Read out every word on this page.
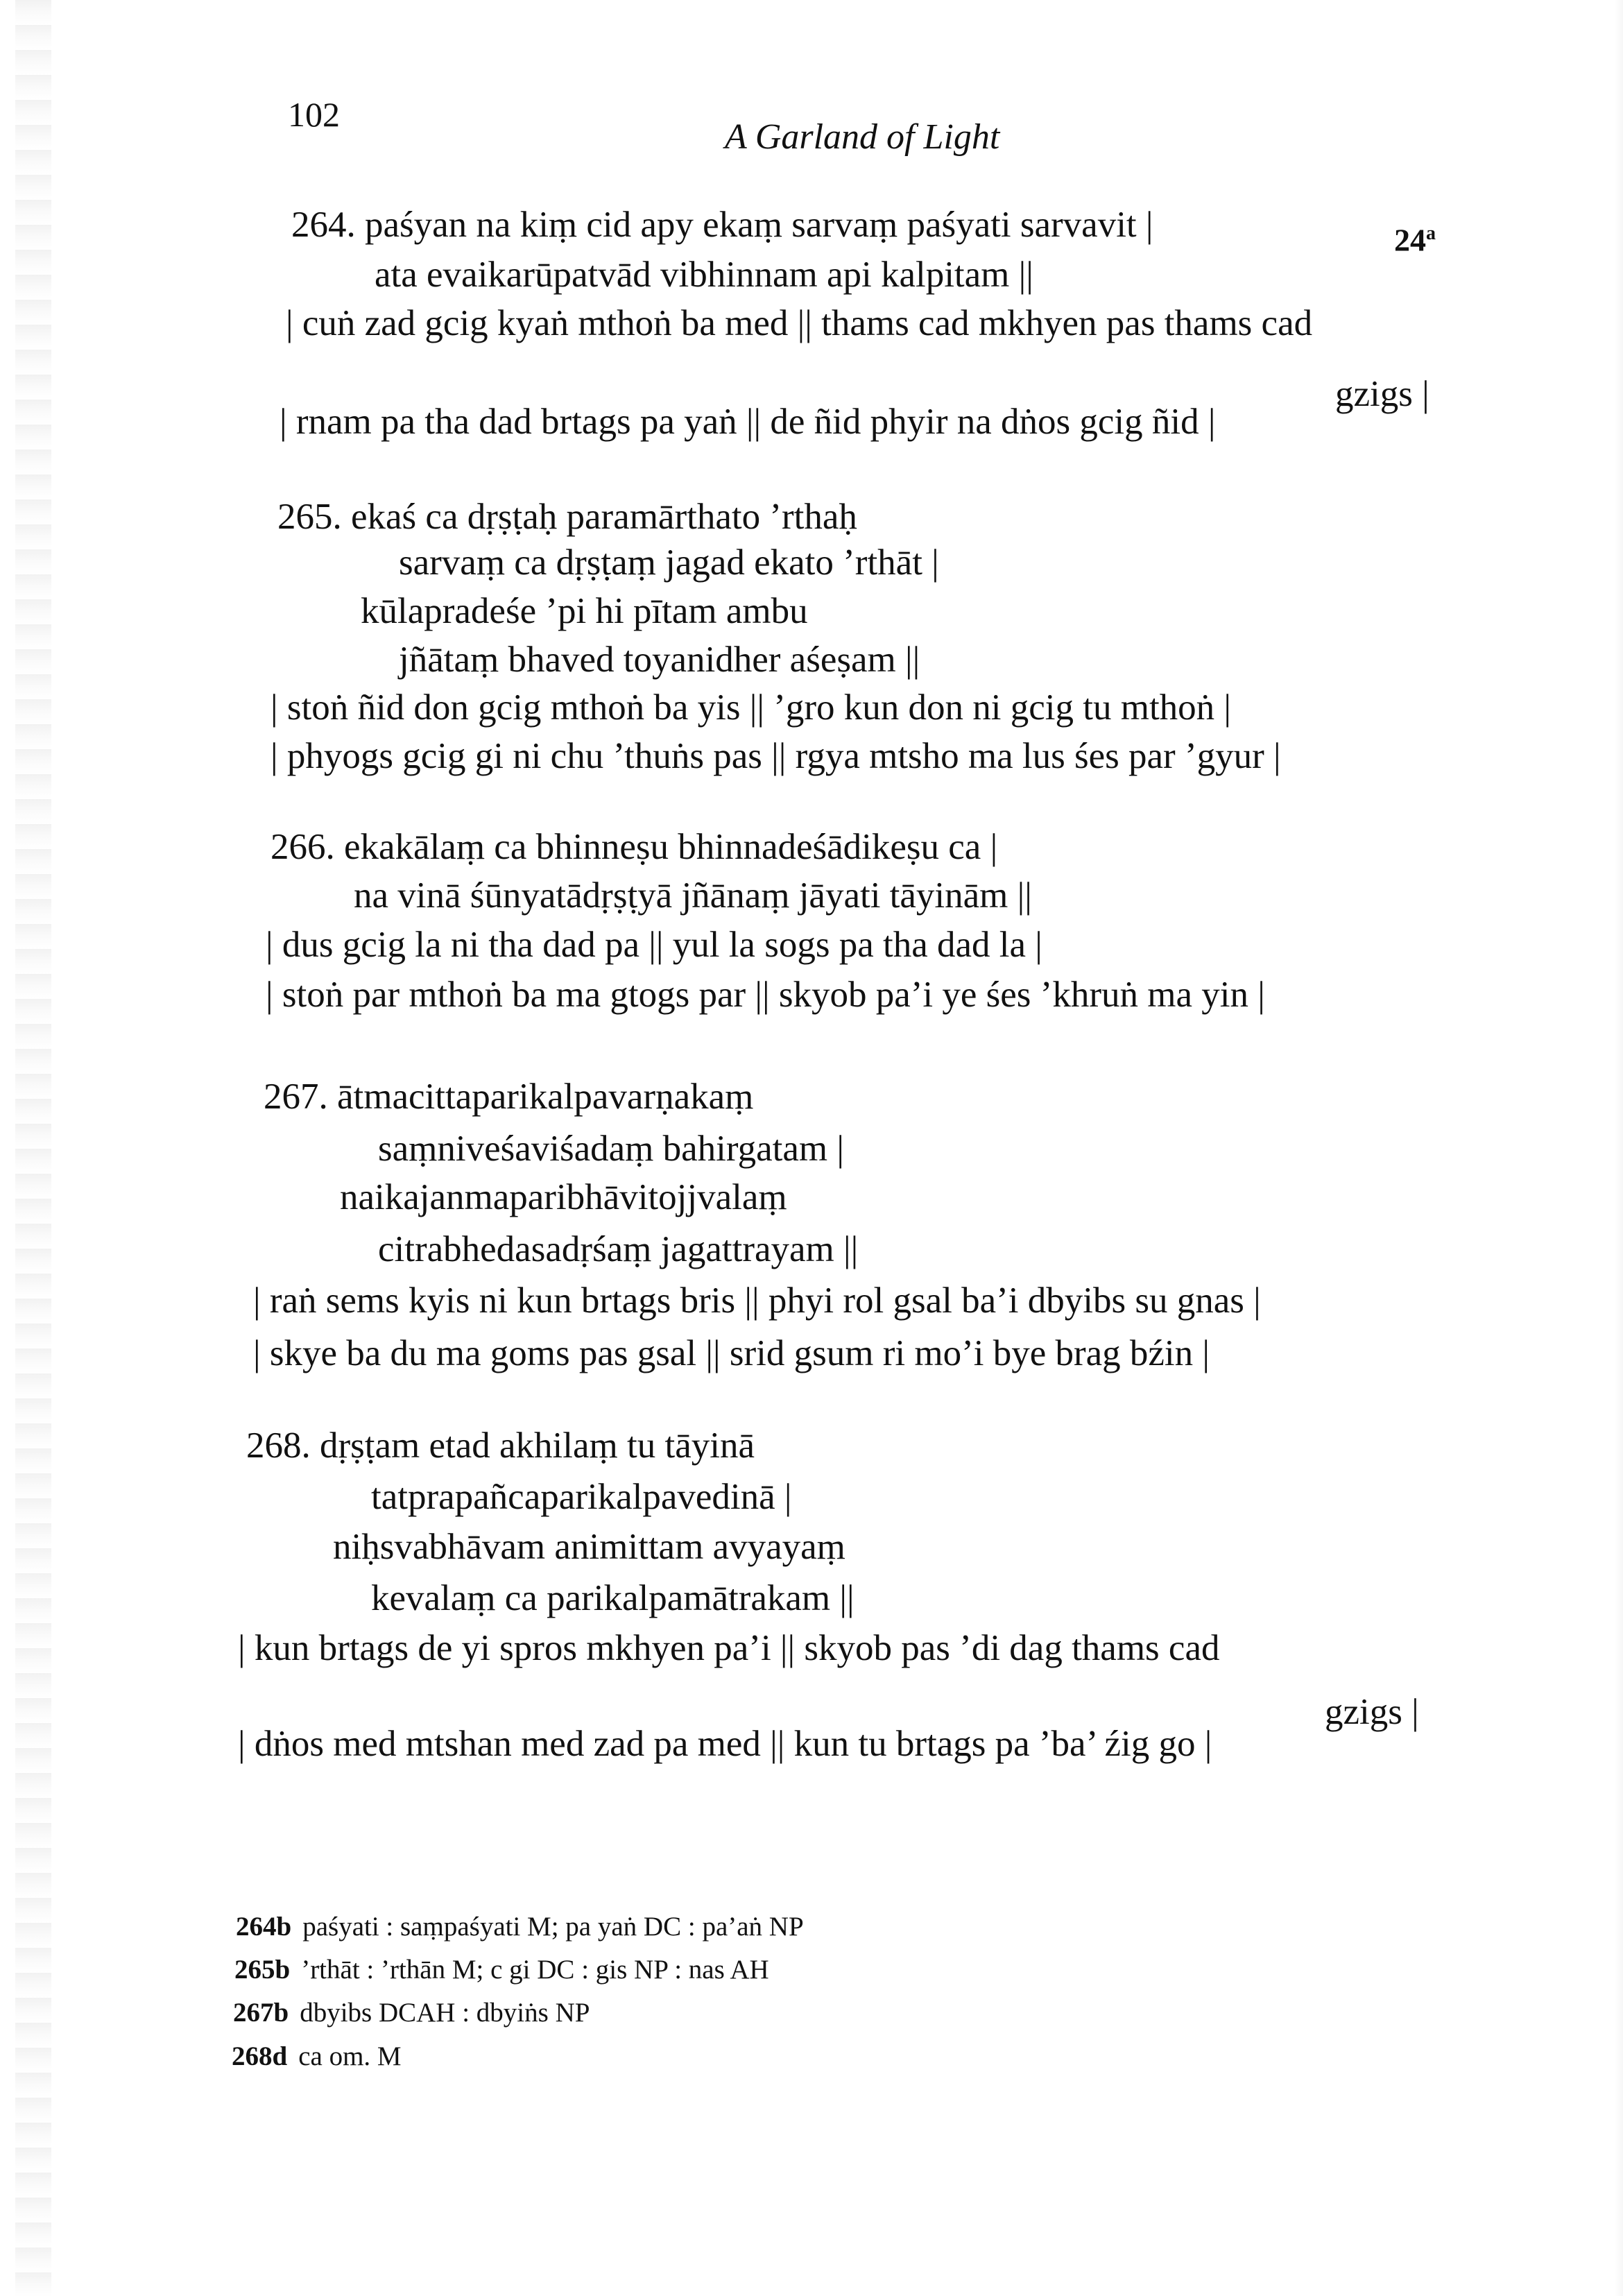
102
A Garland of Light
264. paśyan na kiṃ cid apy ekaṃ sarvaṃ paśyati sarvavit |	24$^a$
ata evaikarūpatvād vibhinnam api kalpitam ||
| cuṅ zad gcig kyaṅ mthoṅ ba med || thams cad mkhyen pas thams cad
gzigs |
| rnam pa tha dad brtags pa yaṅ || de ñid phyir na dṅos gcig ñid |
265. ekaś ca dṛṣṭaḥ paramārthato ’rthaḥ
sarvaṃ ca dṛṣṭaṃ jagad ekato ’rthāt |
kūlapradeśe ’pi hi pītam ambu
jñātaṃ bhaved toyanidher aśeṣam ||
| stoṅ ñid don gcig mthoṅ ba yis || ’gro kun don ni gcig tu mthoṅ |
| phyogs gcig gi ni chu ’thuṅs pas || rgya mtsho ma lus śes par ’gyur |
266. ekakālaṃ ca bhinneṣu bhinnadeśādikeṣu ca |
na vinā śūnyatādṛṣṭyā jñānaṃ jāyati tāyinām ||
| dus gcig la ni tha dad pa || yul la sogs pa tha dad la |
| stoṅ par mthoṅ ba ma gtogs par || skyob pa’i ye śes ’khruṅ ma yin |
267. ātmacittaparikalpavarṇakaṃ
saṃniveśaviśadaṃ bahirgatam |
naikajanmaparibhāvitojjvalaṃ
citrabhedasadṛśaṃ jagattrayam ||
| raṅ sems kyis ni kun brtags bris || phyi rol gsal ba’i dbyibs su gnas |
| skye ba du ma goms pas gsal || srid gsum ri mo’i bye brag bźin |
268. dṛṣṭam etad akhilaṃ tu tāyinā
tatprapañcaparikalpavedinā |
niḥsvabhāvam animittam avyayaṃ
kevalaṃ ca parikalpamātrakam ||
| kun brtags de yi spros mkhyen pa’i || skyob pas ’di dag thams cad
gzigs |
| dṅos med mtshan med zad pa med || kun tu brtags pa ’ba’ źig go |
264b paśyati : saṃpaśyati M; pa yaṅ DC : pa’aṅ NP
265b ’rthāt : ’rthān M; c gi DC : gis NP : nas AH
267b dbyibs DCAH : dbyiṅs NP
268d ca om. M
